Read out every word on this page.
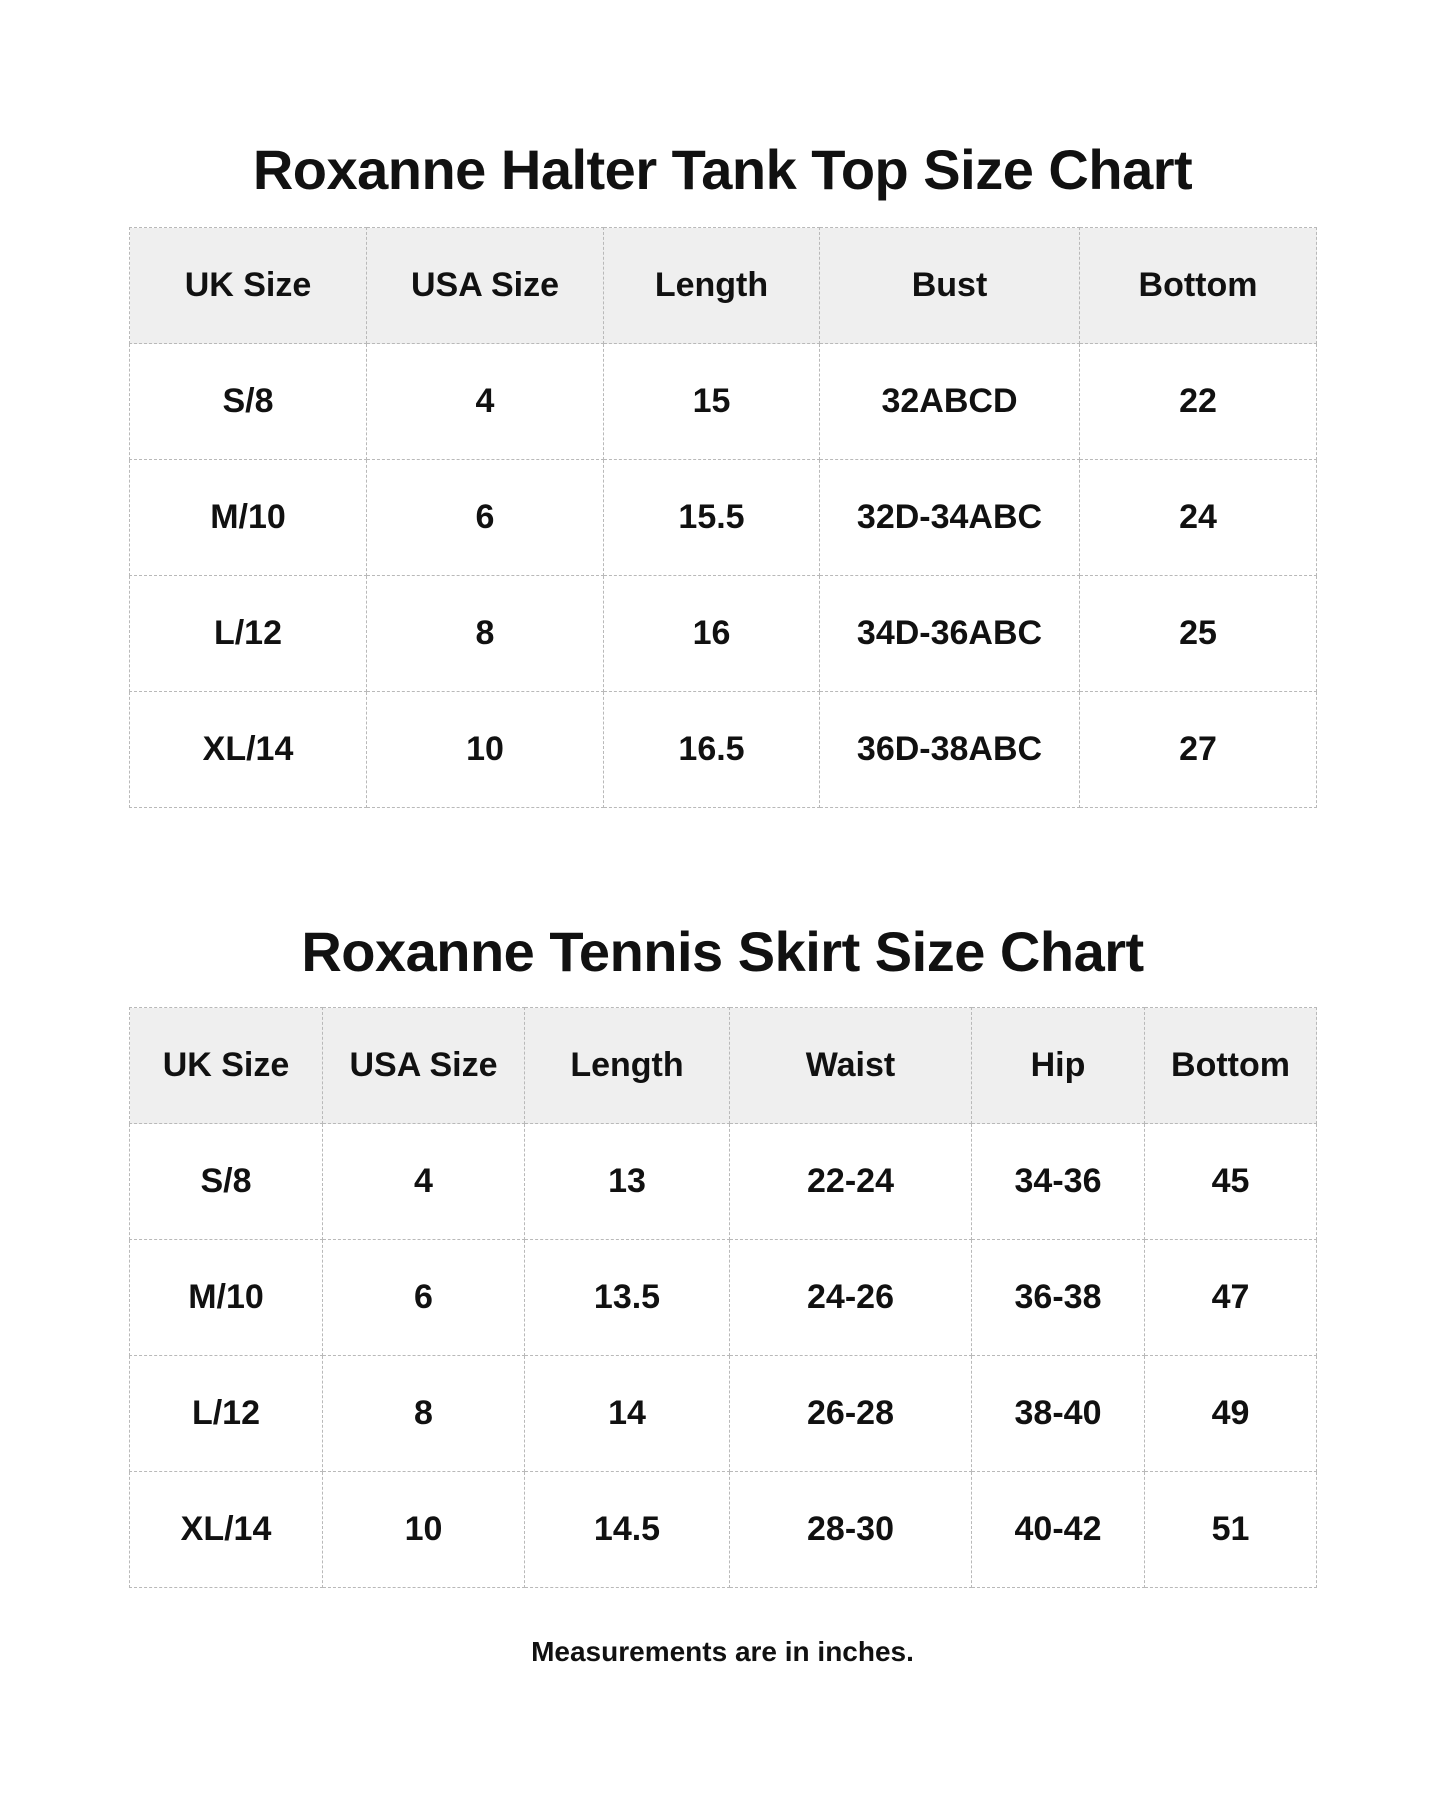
Roxanne Halter Tank Top Size Chart
UK Size	USA Size	Length	Bust	Bottom
S/8	4	15	32ABCD	22
M/10	6	15.5	32D-34ABC	24
L/12	8	16	34D-36ABC	25
XL/14	10	16.5	36D-38ABC	27
Roxanne Tennis Skirt Size Chart
UK Size	USA Size	Length	Waist	Hip	Bottom
S/8	4	13	22-24	34-36	45
M/10	6	13.5	24-26	36-38	47
L/12	8	14	26-28	38-40	49
XL/14	10	14.5	28-30	40-42	51

Measurements are in inches.
